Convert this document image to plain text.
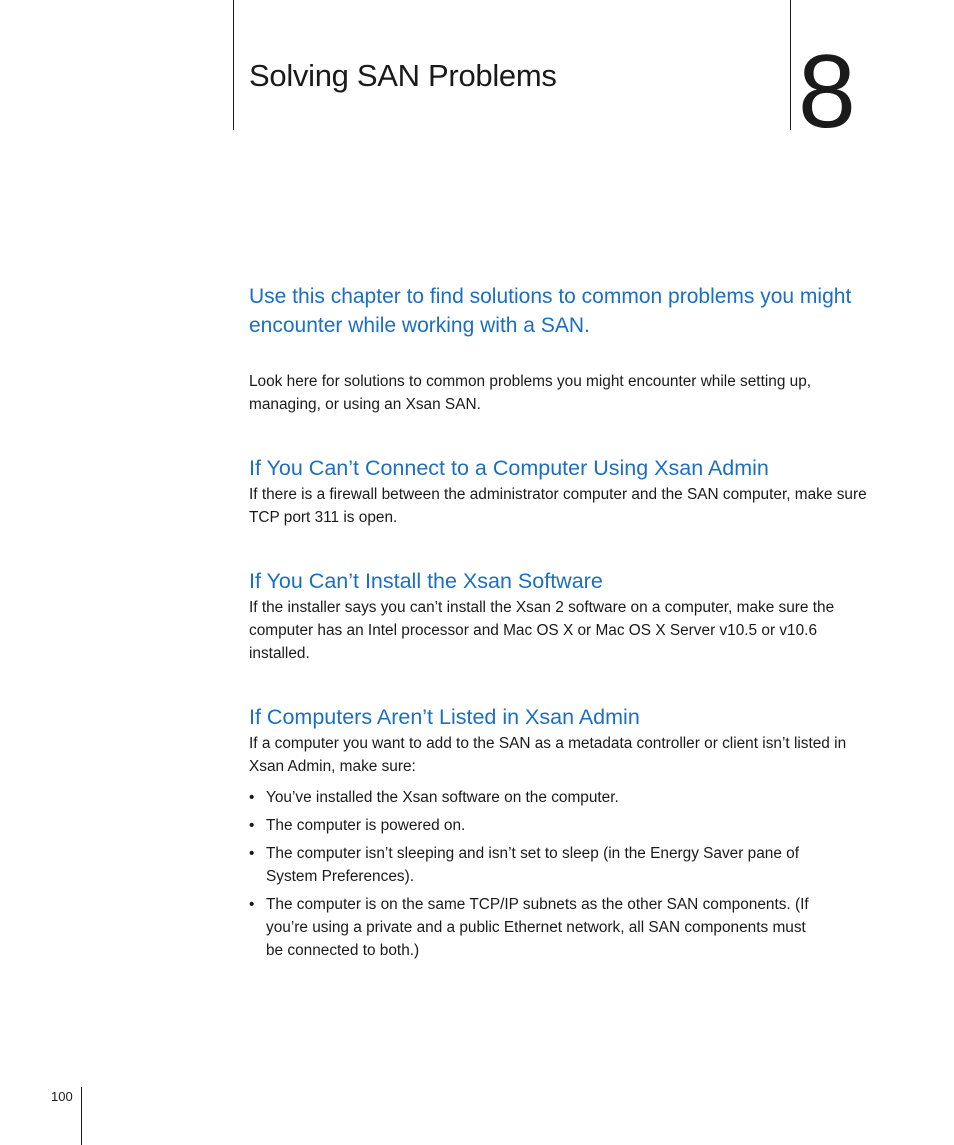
Solving SAN Problems 8

Use this chapter to find solutions to common problems you might encounter while working with a SAN.

Look here for solutions to common problems you might encounter while setting up, managing, or using an Xsan SAN.

If You Can’t Connect to a Computer Using Xsan Admin

If there is a firewall between the administrator computer and the SAN computer, make sure TCP port 311 is open.

If You Can’t Install the Xsan Software

If the installer says you can’t install the Xsan 2 software on a computer, make sure the computer has an Intel processor and Mac OS X or Mac OS X Server v10.5 or v10.6 installed.

If Computers Aren’t Listed in Xsan Admin

If a computer you want to add to the SAN as a metadata controller or client isn’t listed in Xsan Admin, make sure:

• You’ve installed the Xsan software on the computer.
• The computer is powered on.
• The computer isn’t sleeping and isn’t set to sleep (in the Energy Saver pane of System Preferences).
• The computer is on the same TCP/IP subnets as the other SAN components. (If you’re using a private and a public Ethernet network, all SAN components must be connected to both.)
100
